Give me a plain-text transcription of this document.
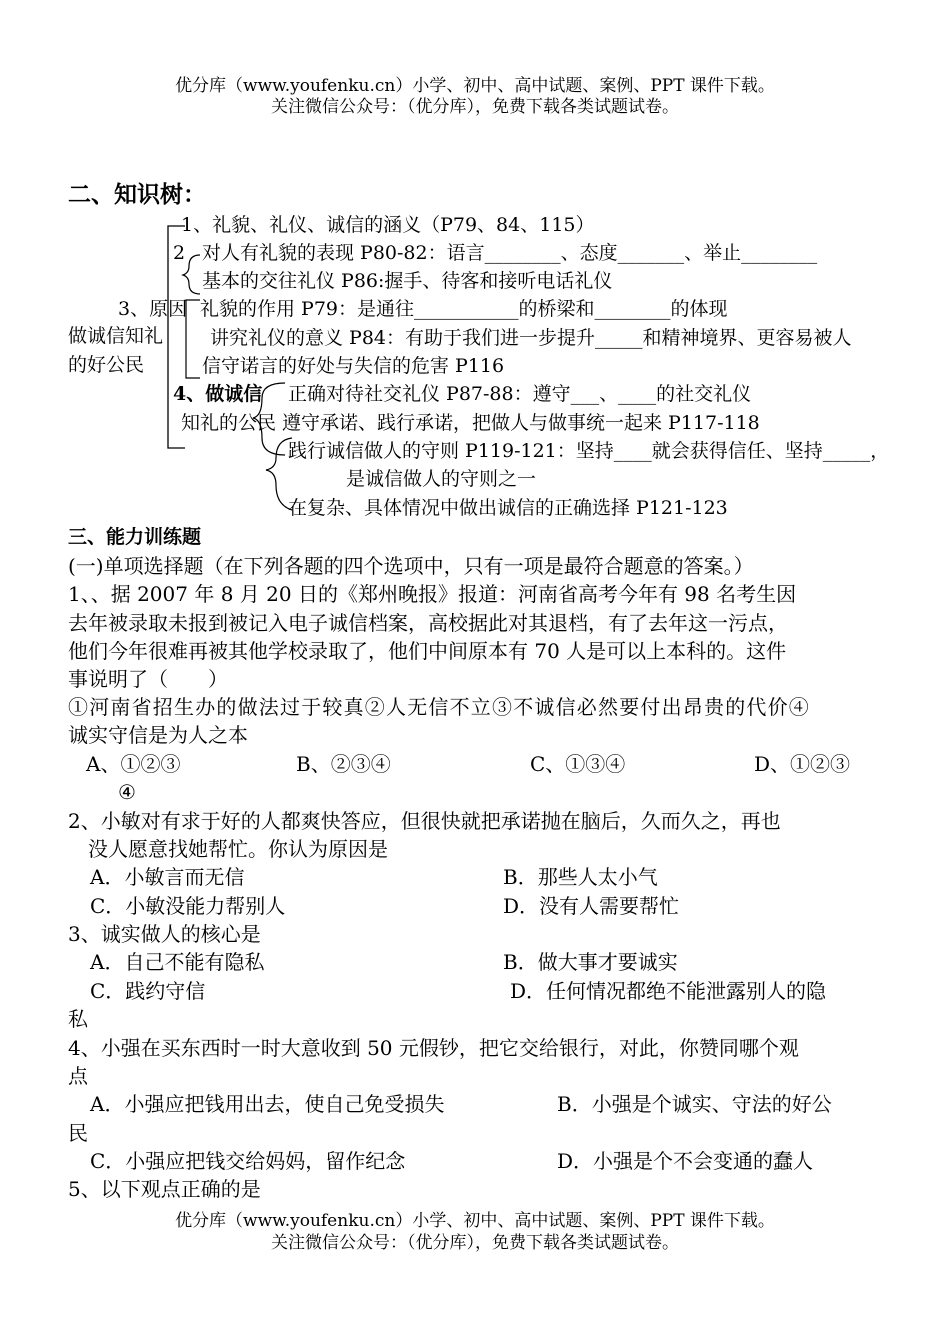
优分库（www.youfenku.cn）小学、初中、高中试题、案例、PPT 课件下载。
关注微信公众号：（优分库），免费下载各类试题试卷。
二、知识树：
做诚信知礼
的好公民
1、礼貌、礼仪、诚信的涵义（P79、84、115）
2 对人有礼貌的表现 P80-82：语言________、态度_______、举止________
基本的交往礼仪 P86:握手、待客和接听电话礼仪
3、原因 礼貌的作用 P79：是通往___________的桥梁和________的体现
讲究礼仪的意义 P84：有助于我们进一步提升_____和精神境界、更容易被人
信守诺言的好处与失信的危害 P116
4、做诚信
知礼的公民
正确对待社交礼仪 P87-88：遵守___、____的社交礼仪
遵守承诺、践行承诺，把做人与做事统一起来 P117-118
践行诚信做人的守则 P119-121：坚持____就会获得信任、坚持_____，
是诚信做人的守则之一
在复杂、具体情况中做出诚信的正确选择 P121-123
三、能力训练题
(一)单项选择题（在下列各题的四个选项中，只有一项是最符合题意的答案。）
1、、据 2007 年 8 月 20 日的《郑州晚报》报道：河南省高考今年有 98 名考生因
去年被录取未报到被记入电子诚信档案，高校据此对其退档，有了去年这一污点，
他们今年很难再被其他学校录取了，他们中间原本有 70 人是可以上本科的。这件
事说明了（　　）
①河南省招生办的做法过于较真②人无信不立③不诚信必然要付出昂贵的代价④
诚实守信是为人之本
A、①②③	B、②③④	C、①③④	D、①②③
④
2、小敏对有求于好的人都爽快答应，但很快就把承诺抛在脑后，久而久之，再也
没人愿意找她帮忙。你认为原因是
A．小敏言而无信	B．那些人太小气
C．小敏没能力帮别人	D．没有人需要帮忙
3、诚实做人的核心是
A．自己不能有隐私	B．做大事才要诚实
C．践约守信	D．任何情况都绝不能泄露别人的隐
私
4、小强在买东西时一时大意收到 50 元假钞，把它交给银行，对此，你赞同哪个观
点
A．小强应把钱用出去，使自己免受损失	B．小强是个诚实、守法的好公
民
C．小强应把钱交给妈妈，留作纪念	D．小强是个不会变通的蠢人
5、以下观点正确的是
优分库（www.youfenku.cn）小学、初中、高中试题、案例、PPT 课件下载。
关注微信公众号：（优分库），免费下载各类试题试卷。
